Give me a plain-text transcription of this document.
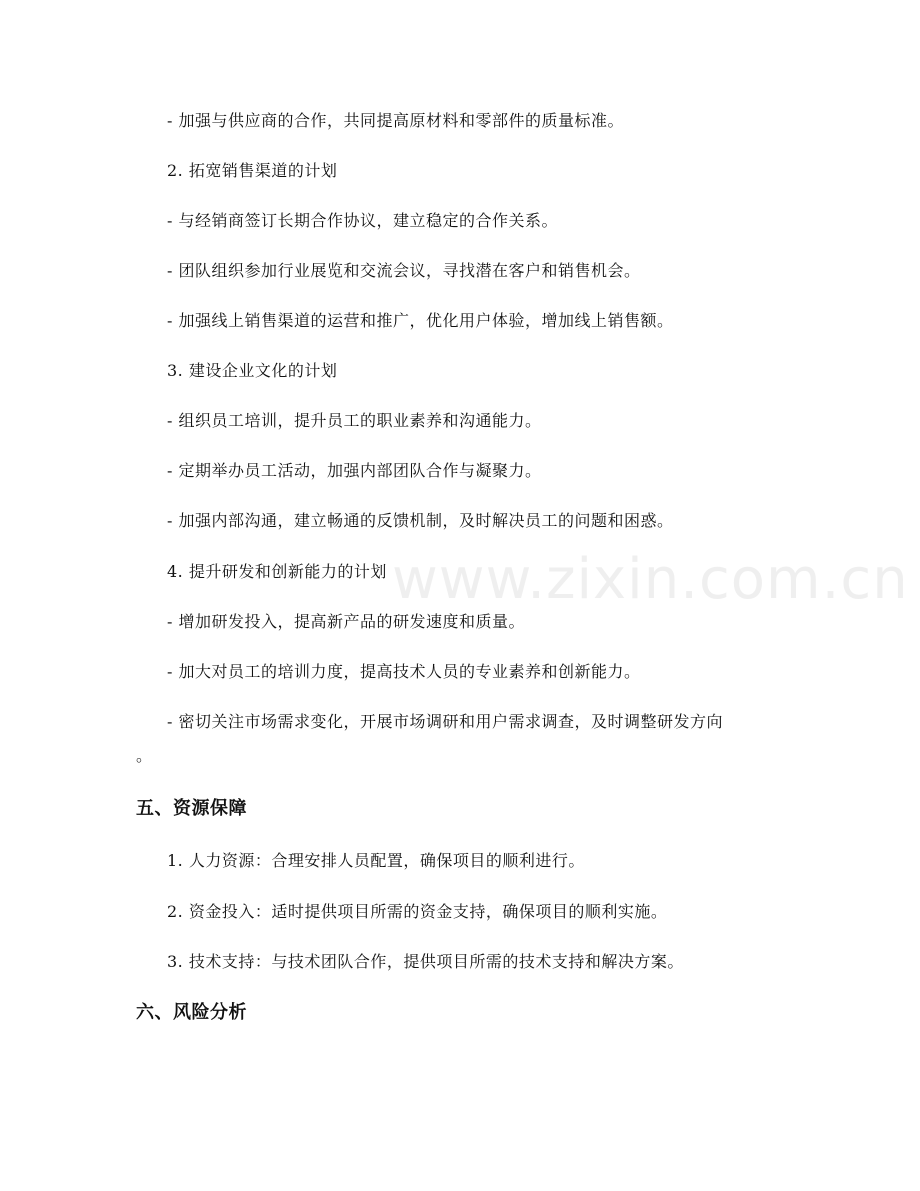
- 加强与供应商的合作，共同提高原材料和零部件的质量标准。
2. 拓宽销售渠道的计划
- 与经销商签订长期合作协议，建立稳定的合作关系。
- 团队组织参加行业展览和交流会议，寻找潜在客户和销售机会。
- 加强线上销售渠道的运营和推广，优化用户体验，增加线上销售额。
3. 建设企业文化的计划
- 组织员工培训，提升员工的职业素养和沟通能力。
- 定期举办员工活动，加强内部团队合作与凝聚力。
- 加强内部沟通，建立畅通的反馈机制，及时解决员工的问题和困惑。
4. 提升研发和创新能力的计划
- 增加研发投入，提高新产品的研发速度和质量。
- 加大对员工的培训力度，提高技术人员的专业素养和创新能力。
- 密切关注市场需求变化，开展市场调研和用户需求调查，及时调整研发方向
。
五、资源保障
1. 人力资源：合理安排人员配置，确保项目的顺利进行。
2. 资金投入：适时提供项目所需的资金支持，确保项目的顺利实施。
3. 技术支持：与技术团队合作，提供项目所需的技术支持和解决方案。
六、风险分析
www.zixin.com.cn
